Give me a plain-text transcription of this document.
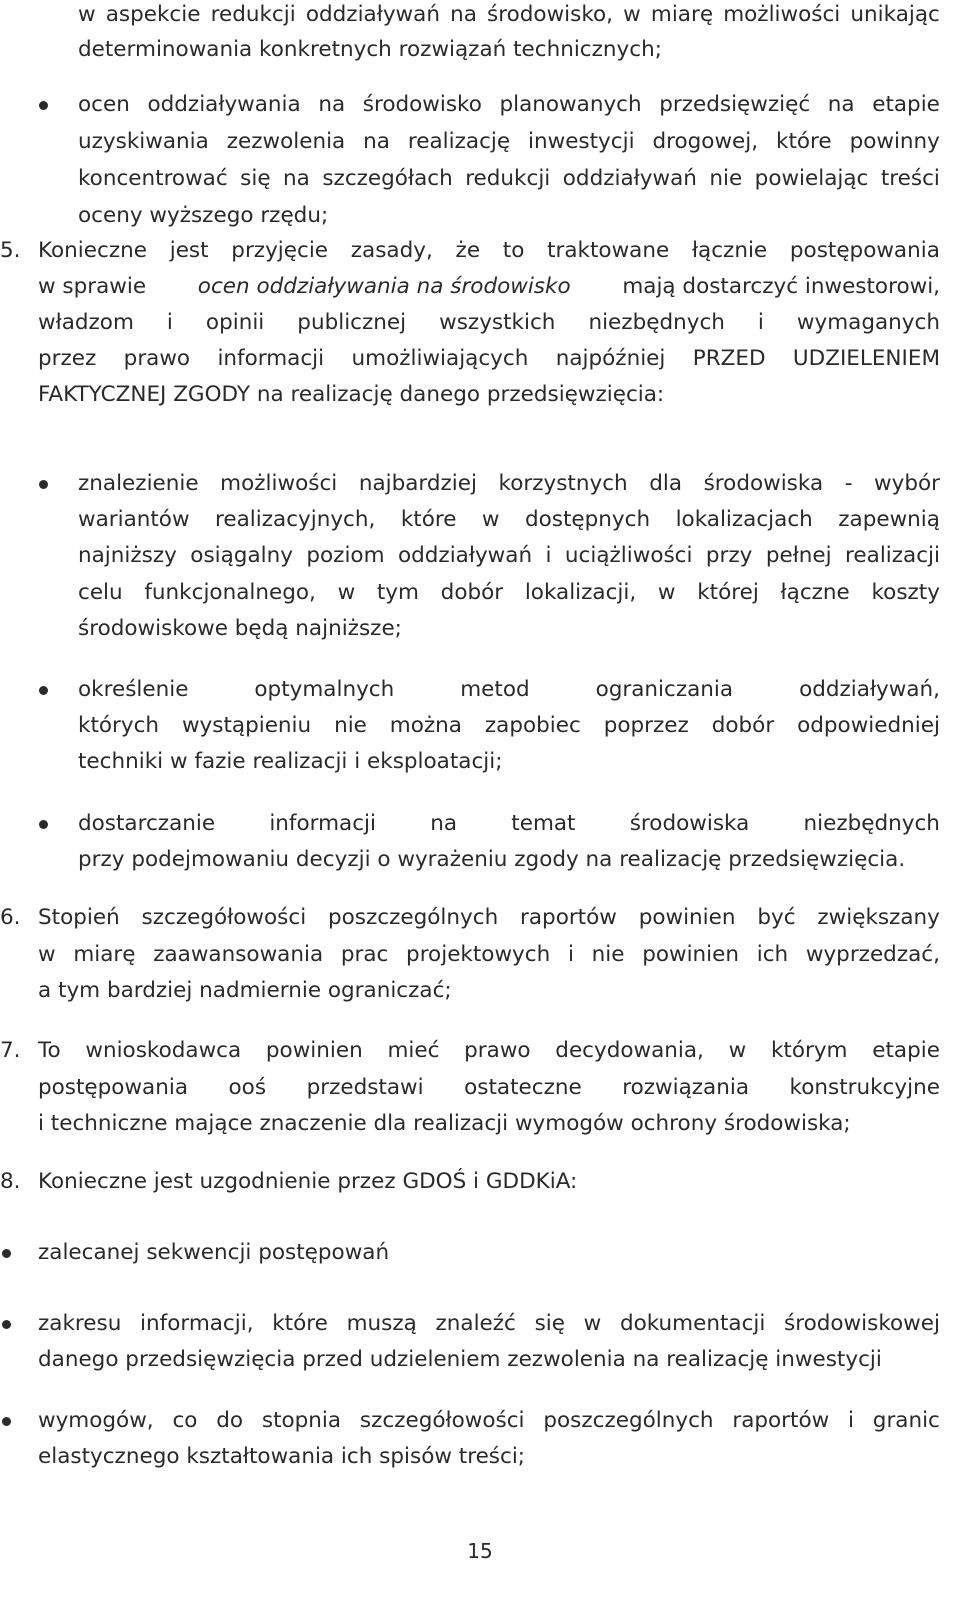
w aspekcie redukcji oddziaływań na środowisko, w miarę możliwości unikając
determinowania konkretnych rozwiązań technicznych;
ocen oddziaływania na środowisko planowanych przedsięwzięć na etapie
uzyskiwania zezwolenia na realizację inwestycji drogowej, które powinny
koncentrować się na szczegółach redukcji oddziaływań nie powielając treści
oceny wyższego rzędu;
5. Konieczne jest przyjęcie zasady, że to traktowane łącznie postępowania
w sprawie ocen oddziaływania na środowisko mają dostarczyć inwestorowi,
władzom i opinii publicznej wszystkich niezbędnych i wymaganych
przez prawo informacji umożliwiających najpóźniej PRZED UDZIELENIEM
FAKTYCZNEJ ZGODY na realizację danego przedsięwzięcia:
znalezienie możliwości najbardziej korzystnych dla środowiska - wybór
wariantów realizacyjnych, które w dostępnych lokalizacjach zapewnią
najniższy osiągalny poziom oddziaływań i uciążliwości przy pełnej realizacji
celu funkcjonalnego, w tym dobór lokalizacji, w której łączne koszty
środowiskowe będą najniższe;
określenie	optymalnych	metod	ograniczania	oddziaływań,
których wystąpieniu nie można zapobiec poprzez dobór odpowiedniej
techniki w fazie realizacji i eksploatacji;
dostarczanie	informacji	na	temat	środowiska	niezbędnych
przy podejmowaniu decyzji o wyrażeniu zgody na realizację przedsięwzięcia.
6. Stopień szczegółowości poszczególnych raportów powinien być zwiększany
w miarę zaawansowania prac projektowych i nie powinien ich wyprzedzać,
a tym bardziej nadmiernie ograniczać;
7. To wnioskodawca powinien mieć prawo decydowania, w którym etapie
postępowania ooś przedstawi ostateczne rozwiązania konstrukcyjne
i techniczne mające znaczenie dla realizacji wymogów ochrony środowiska;
8. Konieczne jest uzgodnienie przez GDOŚ i GDDKiA:
zalecanej sekwencji postępowań
zakresu informacji, które muszą znaleźć się w dokumentacji środowiskowej
danego przedsięwzięcia przed udzieleniem zezwolenia na realizację inwestycji
wymogów, co do stopnia szczegółowości poszczególnych raportów i granic
elastycznego kształtowania ich spisów treści;
15
